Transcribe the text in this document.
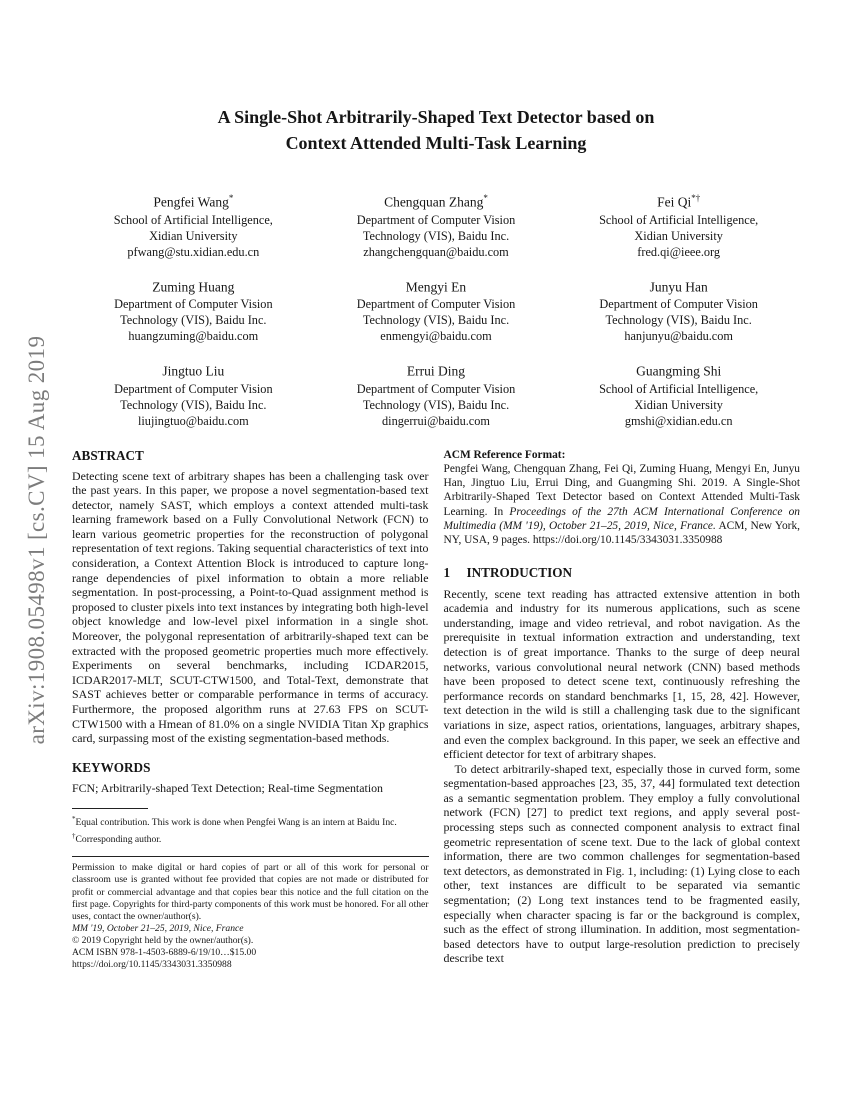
arXiv:1908.05498v1 [cs.CV] 15 Aug 2019
A Single-Shot Arbitrarily-Shaped Text Detector based on
Context Attended Multi-Task Learning
Pengfei Wang*
School of Artificial Intelligence,
Xidian University
pfwang@stu.xidian.edu.cn
Chengquan Zhang*
Department of Computer Vision
Technology (VIS), Baidu Inc.
zhangchengquan@baidu.com
Fei Qi*†
School of Artificial Intelligence,
Xidian University
fred.qi@ieee.org
Zuming Huang
Department of Computer Vision
Technology (VIS), Baidu Inc.
huangzuming@baidu.com
Mengyi En
Department of Computer Vision
Technology (VIS), Baidu Inc.
enmengyi@baidu.com
Junyu Han
Department of Computer Vision
Technology (VIS), Baidu Inc.
hanjunyu@baidu.com
Jingtuo Liu
Department of Computer Vision
Technology (VIS), Baidu Inc.
liujingtuo@baidu.com
Errui Ding
Department of Computer Vision
Technology (VIS), Baidu Inc.
dingerrui@baidu.com
Guangming Shi
School of Artificial Intelligence,
Xidian University
gmshi@xidian.edu.cn
ABSTRACT

Detecting scene text of arbitrary shapes has been a challenging task over the past years. In this paper, we propose a novel segmentation-based text detector, namely SAST, which employs a context attended multi-task learning framework based on a Fully Convolutional Network (FCN) to learn various geometric properties for the reconstruction of polygonal representation of text regions. Taking sequential characteristics of text into consideration, a Context Attention Block is introduced to capture long-range dependencies of pixel information to obtain a more reliable segmentation. In post-processing, a Point-to-Quad assignment method is proposed to cluster pixels into text instances by integrating both high-level object knowledge and low-level pixel information in a single shot. Moreover, the polygonal representation of arbitrarily-shaped text can be extracted with the proposed geometric properties much more effectively. Experiments on several benchmarks, including ICDAR2015, ICDAR2017-MLT, SCUT-CTW1500, and Total-Text, demonstrate that SAST achieves better or comparable performance in terms of accuracy. Furthermore, the proposed algorithm runs at 27.63 FPS on SCUT-CTW1500 with a Hmean of 81.0% on a single NVIDIA Titan Xp graphics card, surpassing most of the existing segmentation-based methods.

KEYWORDS

FCN; Arbitrarily-shaped Text Detection; Real-time Segmentation

*Equal contribution. This work is done when Pengfei Wang is an intern at Baidu Inc.
†Corresponding author.

Permission to make digital or hard copies of part or all of this work for personal or classroom use is granted without fee provided that copies are not made or distributed for profit or commercial advantage and that copies bear this notice and the full citation on the first page. Copyrights for third-party components of this work must be honored. For all other uses, contact the owner/author(s).

MM '19, October 21–25, 2019, Nice, France

© 2019 Copyright held by the owner/author(s).

ACM ISBN 978-1-4503-6889-6/19/10…$15.00

https://doi.org/10.1145/3343031.3350988

ACM Reference Format:
Pengfei Wang, Chengquan Zhang, Fei Qi, Zuming Huang, Mengyi En, Junyu Han, Jingtuo Liu, Errui Ding, and Guangming Shi. 2019. A Single-Shot Arbitrarily-Shaped Text Detector based on Context Attended Multi-Task Learning. In Proceedings of the 27th ACM International Conference on Multimedia (MM '19), October 21–25, 2019, Nice, France. ACM, New York, NY, USA, 9 pages. https://doi.org/10.1145/3343031.3350988

1 INTRODUCTION

Recently, scene text reading has attracted extensive attention in both academia and industry for its numerous applications, such as scene understanding, image and video retrieval, and robot navigation. As the prerequisite in textual information extraction and understanding, text detection is of great importance. Thanks to the surge of deep neural networks, various convolutional neural network (CNN) based methods have been proposed to detect scene text, continuously refreshing the performance records on standard benchmarks [1, 15, 28, 42]. However, text detection in the wild is still a challenging task due to the significant variations in size, aspect ratios, orientations, languages, arbitrary shapes, and even the complex background. In this paper, we seek an effective and efficient detector for text of arbitrary shapes.

To detect arbitrarily-shaped text, especially those in curved form, some segmentation-based approaches [23, 35, 37, 44] formulated text detection as a semantic segmentation problem. They employ a fully convolutional network (FCN) [27] to predict text regions, and apply several post-processing steps such as connected component analysis to extract final geometric representation of scene text. Due to the lack of global context information, there are two common challenges for segmentation-based text detectors, as demonstrated in Fig. 1, including: (1) Lying close to each other, text instances are difficult to be separated via semantic segmentation; (2) Long text instances tend to be fragmented easily, especially when character spacing is far or the background is complex, such as the effect of strong illumination. In addition, most segmentation-based detectors have to output large-resolution prediction to precisely describe text
